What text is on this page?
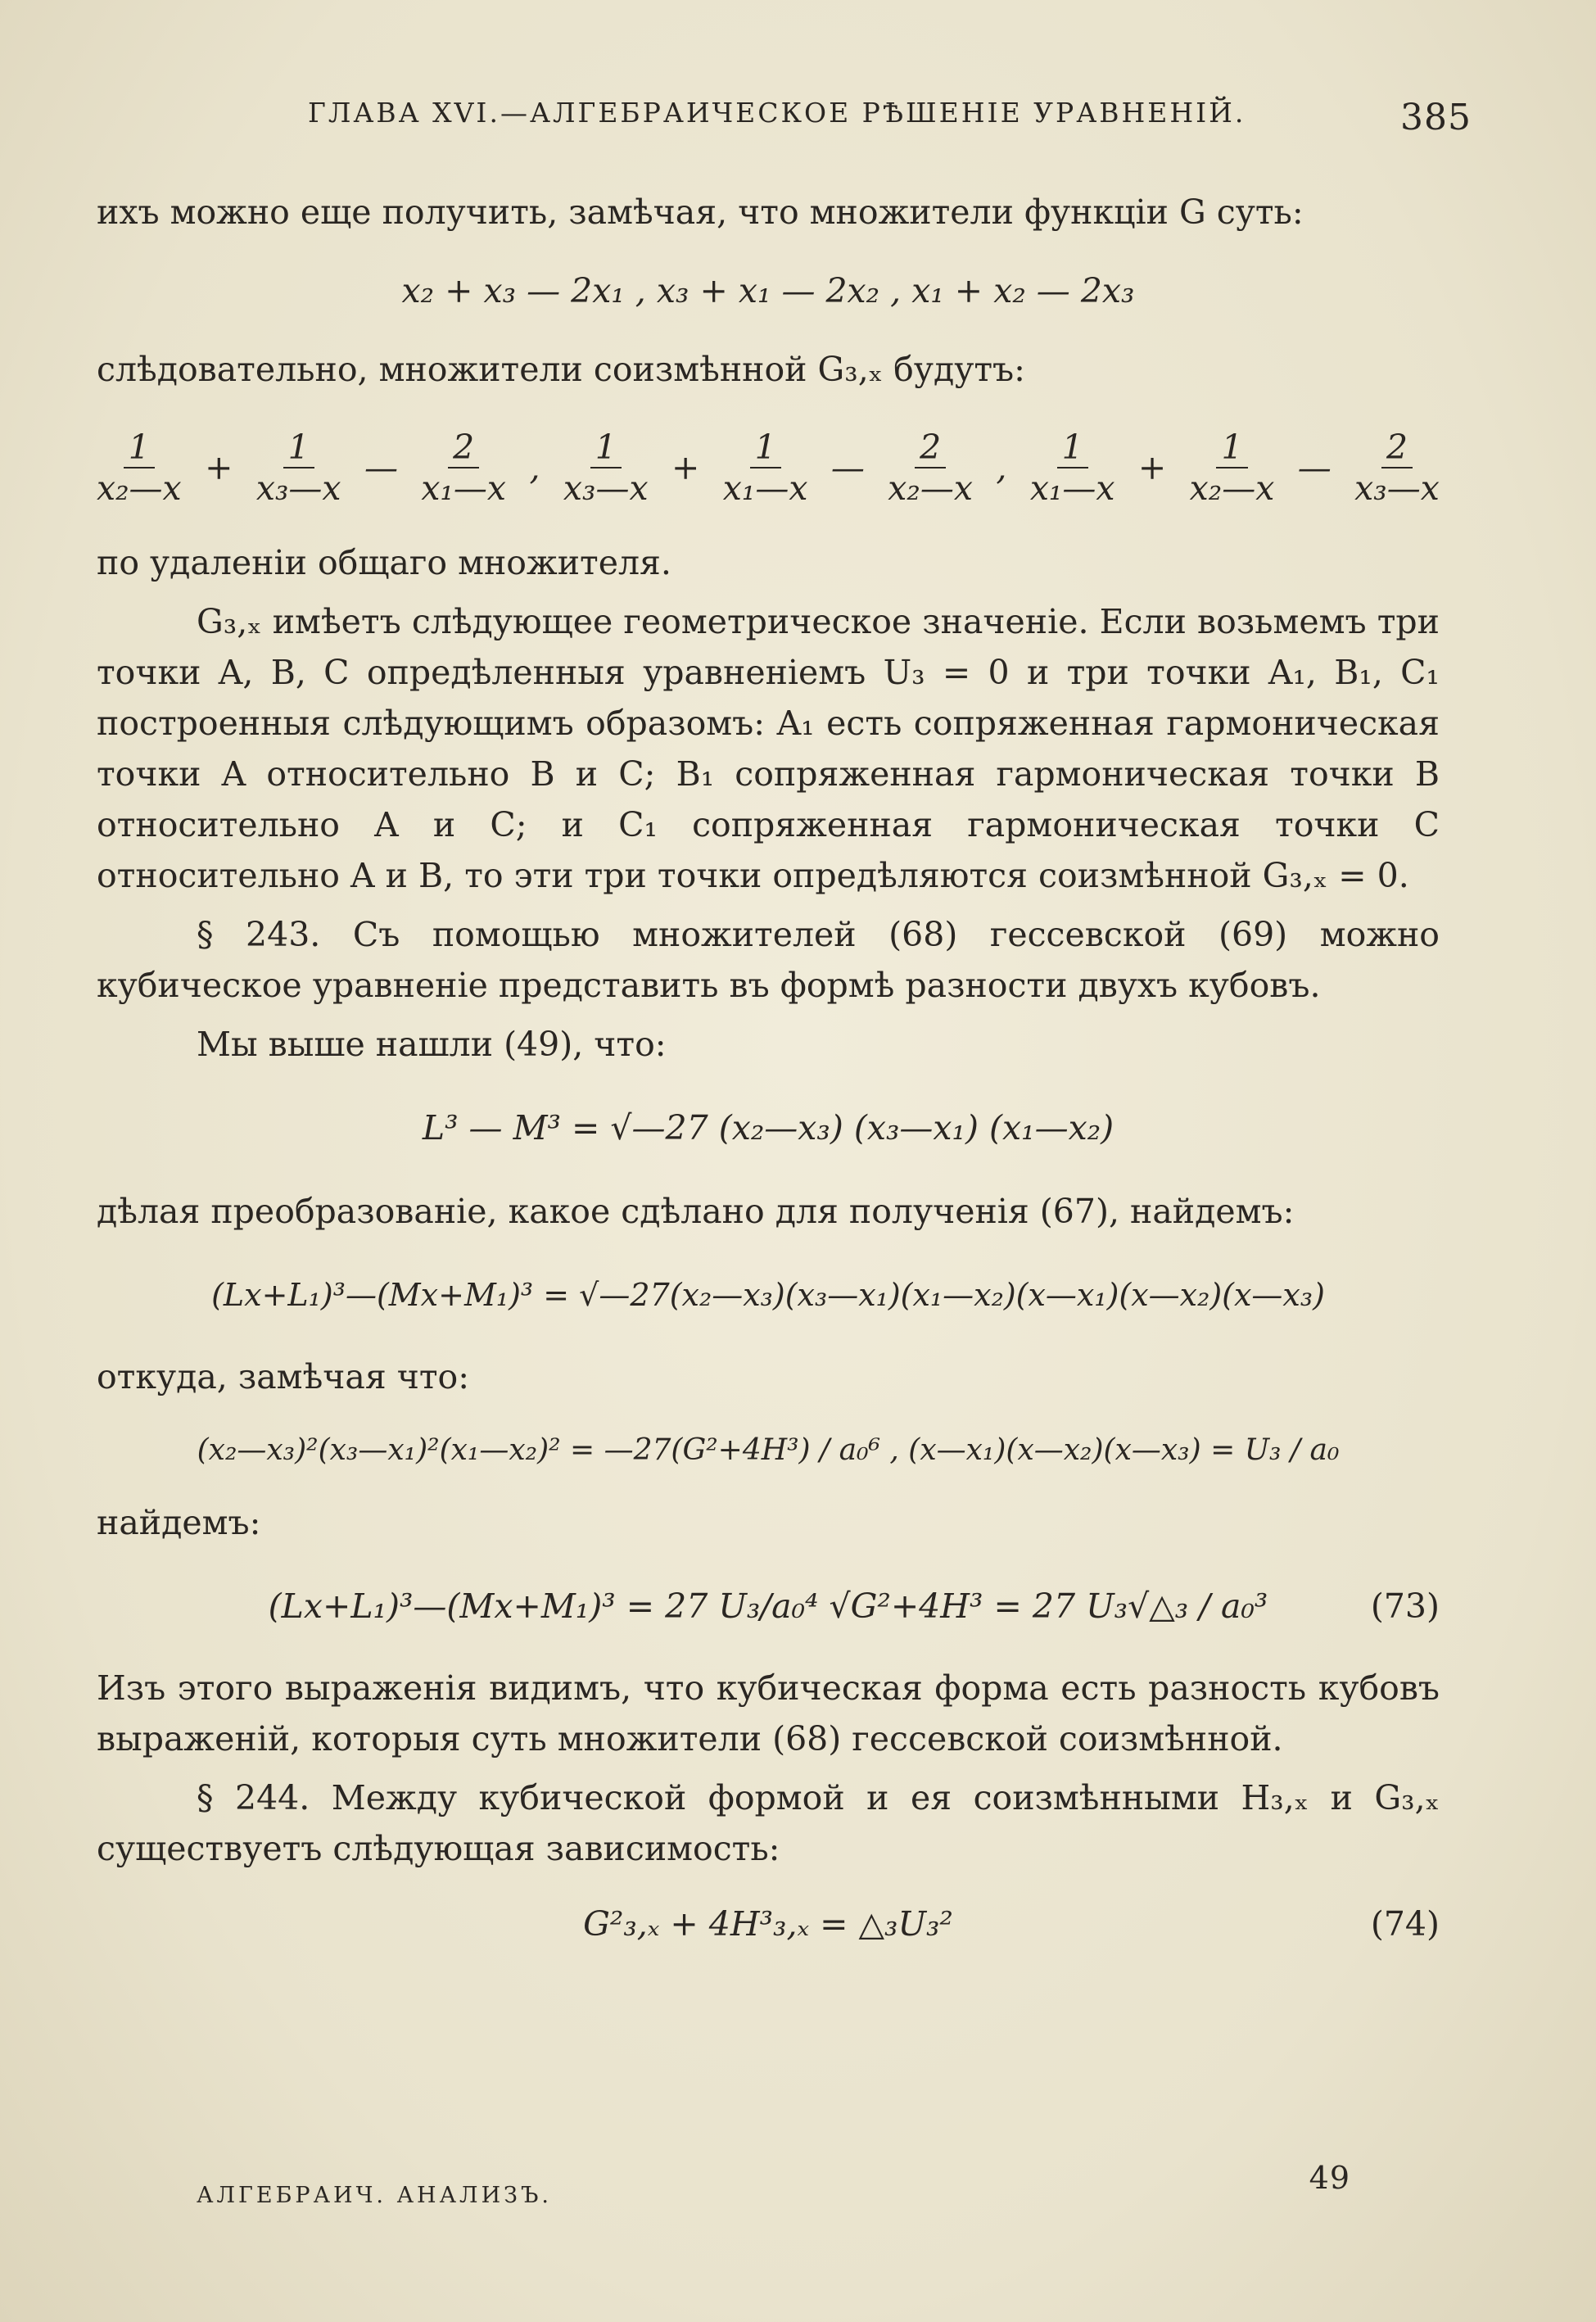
ГЛАВА XVI.—АЛГЕБРАИЧЕСКОЕ РѢШЕНІЕ УРАВНЕНІЙ.	385

ихъ можно еще получить, замѣчая, что множители функціи G суть:

x₂ + x₃ — 2x₁ , x₃ + x₁ — 2x₂ , x₁ + x₂ — 2x₃

слѣдовательно, множители соизмѣнной G₃,ₓ будутъ:

$\frac{1}{\text{x₂—x}} + \frac{1}{\text{x₃—x}}$ — $\frac{2}{\text{x₁—x}}$ , $\frac{1}{\text{x₃—x}} + \frac{1}{\text{x₁—x}}$ — $\frac{2}{\text{x₂—x}}$ , $\frac{1}{\text{x₁—x}} + \frac{1}{\text{x₂—x}}$ — $\frac{2}{\text{x₃—x}}$

по удаленіи общаго множителя.

G₃,ₓ имѣетъ слѣдующее геометрическое значеніе. Если возьмемъ три точки A, B, C опредѣленныя уравненіемъ U₃ = 0 и три точки A₁, B₁, C₁ построенныя слѣдующимъ образомъ: A₁ есть сопряженная гармоническая точки A относительно B и C; B₁ сопряженная гармоническая точки B относительно A и C; и C₁ сопряженная гармоническая точки C относительно A и B, то эти три точки опредѣляются соизмѣнной G₃,ₓ = 0.

§ 243. Съ помощью множителей (68) гессевской (69) можно кубическое уравненіе представить въ формѣ разности двухъ кубовъ.

Мы выше нашли (49), что:

L³ — M³ = √—27 (x₂—x₃) (x₃—x₁) (x₁—x₂)

дѣлая преобразованіе, какое сдѣлано для полученія (67), найдемъ:

(Lx+L₁)³—(Mx+M₁)³ = √—27(x₂—x₃)(x₃—x₁)(x₁—x₂)(x—x₁)(x—x₂)(x—x₃)

откуда, замѣчая что:

(x₂—x₃)²(x₃—x₁)²(x₁—x₂)² = —27(G²+4H³) / a₀⁶ , (x—x₁)(x—x₂)(x—x₃) = U₃ / a₀

найдемъ:

(Lx+L₁)³—(Mx+M₁)³ = 27 U₃/a₀⁴ √G²+4H³ = 27 U₃√△₃ / a₀³	(73)

Изъ этого выраженія видимъ, что кубическая форма есть разность кубовъ выраженій, которыя суть множители (68) гессевской соизмѣнной.

§ 244. Между кубической формой и ея соизмѣнными H₃,ₓ и G₃,ₓ существуетъ слѣдующая зависимость:

G²₃,ₓ + 4H³₃,ₓ = △₃U₃²	(74)
АЛГЕБРАИЧ. АНАЛИЗЪ.	49
